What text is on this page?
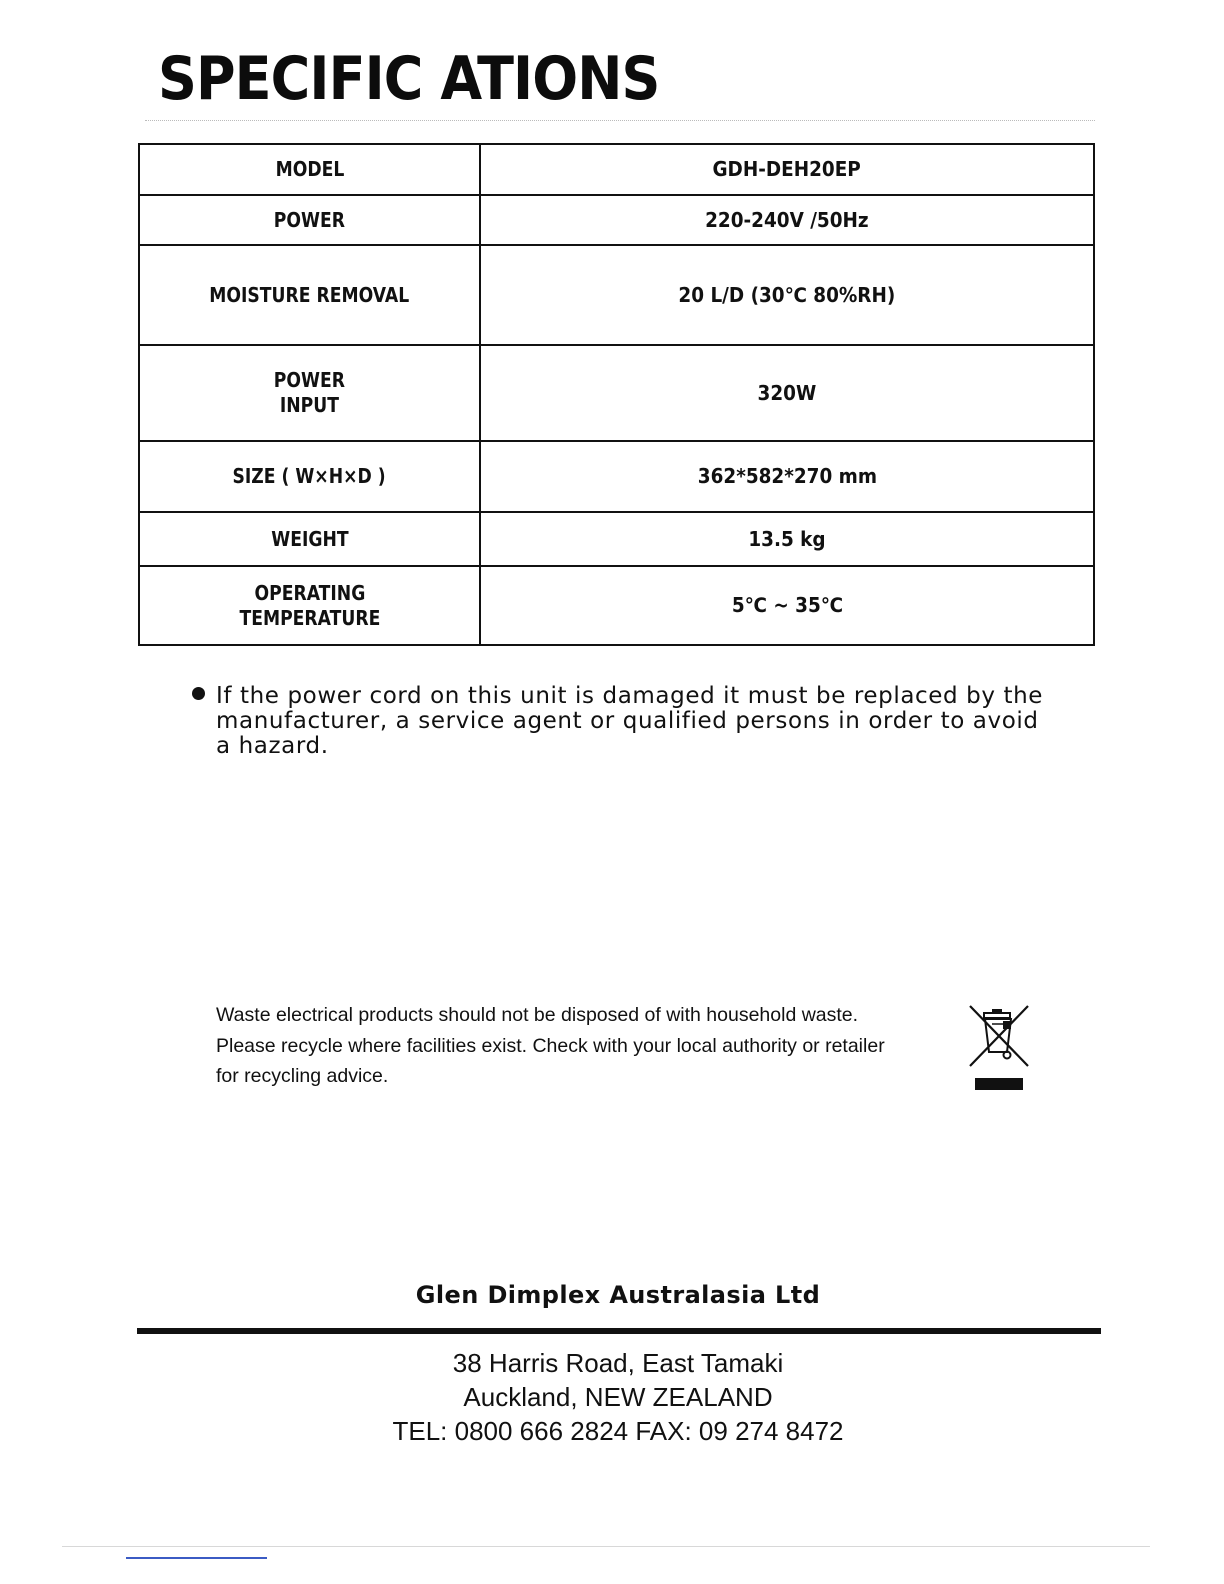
SPECIFIC ATIONS
MODEL	GDH-DEH20EP
POWER	220-240V /50Hz
MOISTURE REMOVAL	20 L/D (30℃ 80%RH)
POWER
INPUT	320W
SIZE ( W×H×D )	362*582*270 mm
WEIGHT	13.5 kg
OPERATING
TEMPERATURE	5℃ ~ 35℃
If the power cord on this unit is damaged it must be replaced by the
manufacturer, a service agent or qualified persons in order to avoid
a hazard.

Waste electrical products should not be disposed of with household waste.

Please recycle where facilities exist. Check with your local authority or retailer

for recycling advice.

Glen Dimplex Australasia Ltd
38 Harris Road, East Tamaki
Auckland, NEW ZEALAND
TEL: 0800 666 2824 FAX: 09 274 8472
